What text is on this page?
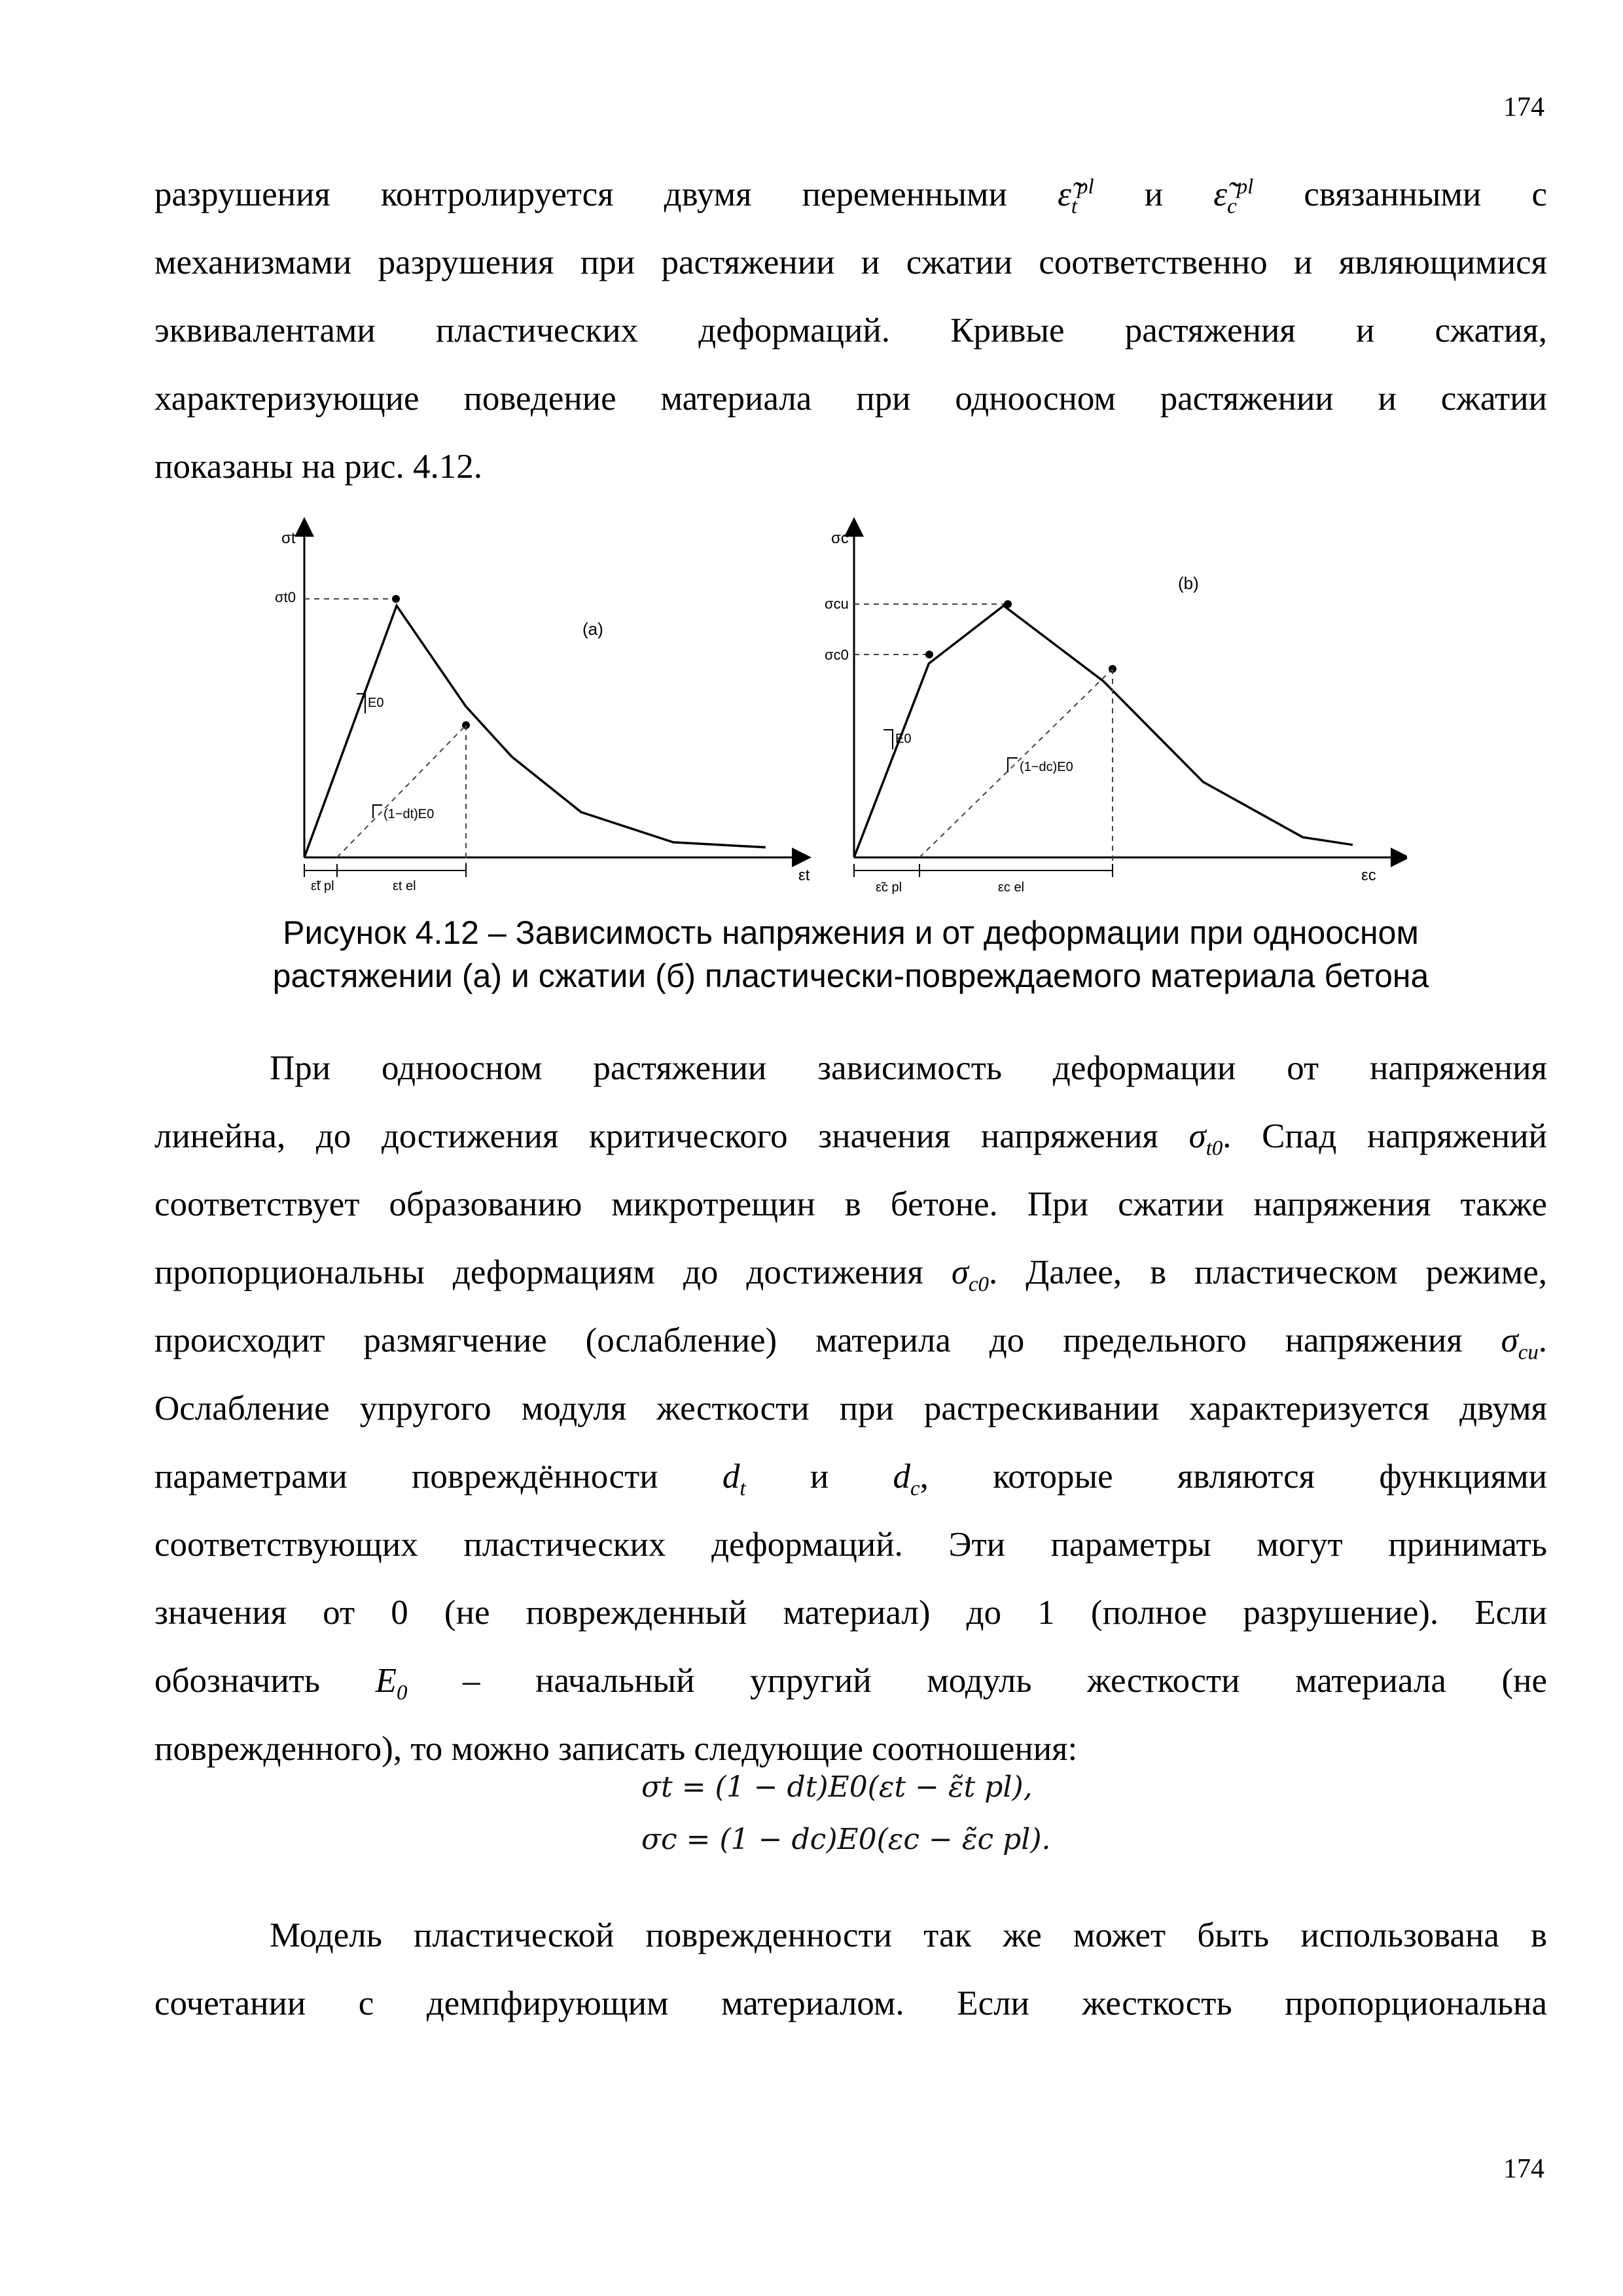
174
разрушения контролируется двумя переменными $\varepsiloñ_t^{pl}$ и $\varepsiloñ_c^{pl}$ связанными с
механизмами разрушения при растяжении и сжатии соответственно и являющимися
эквивалентами пластических деформаций. Кривые растяжения и сжатия,
характеризующие поведение материала при одноосном растяжении и сжатии
показаны на рис. 4.12.
σt
εt
σt0
E0
(1−dt)E0
(a)
ε̃t pl	εt el
σc
εc
σcu
σc0
E0
(1−dc)E0
(b)
ε̃c pl	εc el
Рисунок 4.12 – Зависимость напряжения и от деформации при одноосном
растяжении (а) и сжатии (б) пластически-повреждаемого материала бетона
При одноосном растяжении зависимость деформации от напряжения
линейна, до достижения критического значения напряжения $\sigma_{t0}$. Спад напряжений
соответствует образованию микротрещин в бетоне. При сжатии напряжения также
пропорциональны деформациям до достижения $\sigma_{c0}$. Далее, в пластическом режиме,
происходит размягчение (ослабление) материла до предельного напряжения $\sigma_{cu}$.
Ослабление упругого модуля жесткости при растрескивании характеризуется двумя
параметрами повреждённости $d_t$ и $d_c$, которые являются функциями
соответствующих пластических деформаций. Эти параметры могут принимать
значения от 0 (не поврежденный материал) до 1 (полное разрушение). Если
обозначить $E_0$ – начальный упругий модуль жесткости материала (не
поврежденного), то можно записать следующие соотношения:
σt = (1 − dt)E0(εt − ε̃t pl),
σc = (1 − dc)E0(εc − ε̃c pl).
Модель пластической поврежденности так же может быть использована в
сочетании с демпфирующим материалом. Если жесткость пропорциональна
174
